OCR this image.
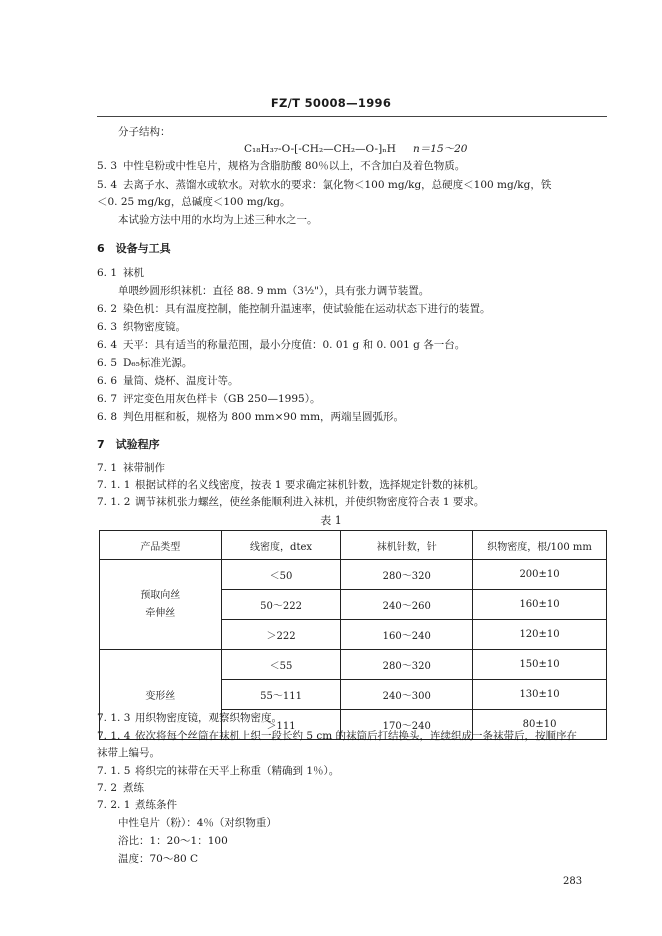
FZ/T 50008—1996
分子结构：
C₁₈H₃₇-O-[-CH₂—CH₂—O-]ₙH n＝15～20
5. 3 中性皂粉或中性皂片，规格为含脂肪酸 80％以上，不含加白及着色物质。
5. 4 去离子水、蒸馏水或软水。对软水的要求：氯化物＜100 mg/kg，总硬度＜100 mg/kg，铁
＜0. 25 mg/kg，总碱度＜100 mg/kg。
本试验方法中用的水均为上述三种水之一。
6　设备与工具
6. 1 袜机
单喂纱圆形织袜机：直径 88. 9 mm（3½"），具有张力调节装置。
6. 2 染色机：具有温度控制，能控制升温速率，使试验能在运动状态下进行的装置。
6. 3 织物密度镜。
6. 4 天平：具有适当的称量范围，最小分度值：0. 01 g 和 0. 001 g 各一台。
6. 5 D₆₅标准光源。
6. 6 量筒、烧杯、温度计等。
6. 7 评定变色用灰色样卡（GB 250—1995）。
6. 8 判色用框和板，规格为 800 mm×90 mm，两端呈圆弧形。
7　试验程序
7. 1 袜带制作
7. 1. 1 根据试样的名义线密度，按表 1 要求确定袜机针数，选择规定针数的袜机。
7. 1. 2 调节袜机张力螺丝，使丝条能顺利进入袜机，并使织物密度符合表 1 要求。
表 1
产品类型	线密度，dtex	袜机针数，针	织物密度，根/100 mm

预取向丝
牵伸丝	＜50	280～320	200±10
	50～222	240～260	160±10
	＞222	160～240	120±10
变形丝	＜55	280～320	150±10
	55～111	240～300	130±10
	＞111	170～240	80±10
7. 1. 3 用织物密度镜，观察织物密度。
7. 1. 4 依次将每个丝筒在袜机上织一段长约 5 cm 的袜筒后打结换头，连续织成一条袜带后，按顺序在
袜带上编号。
7. 1. 5 将织完的袜带在天平上称重（精确到 1％）。
7. 2 煮练
7. 2. 1 煮练条件
中性皂片（粉）：4％（对织物重）
浴比：1：20～1：100
温度：70～80 C
283
